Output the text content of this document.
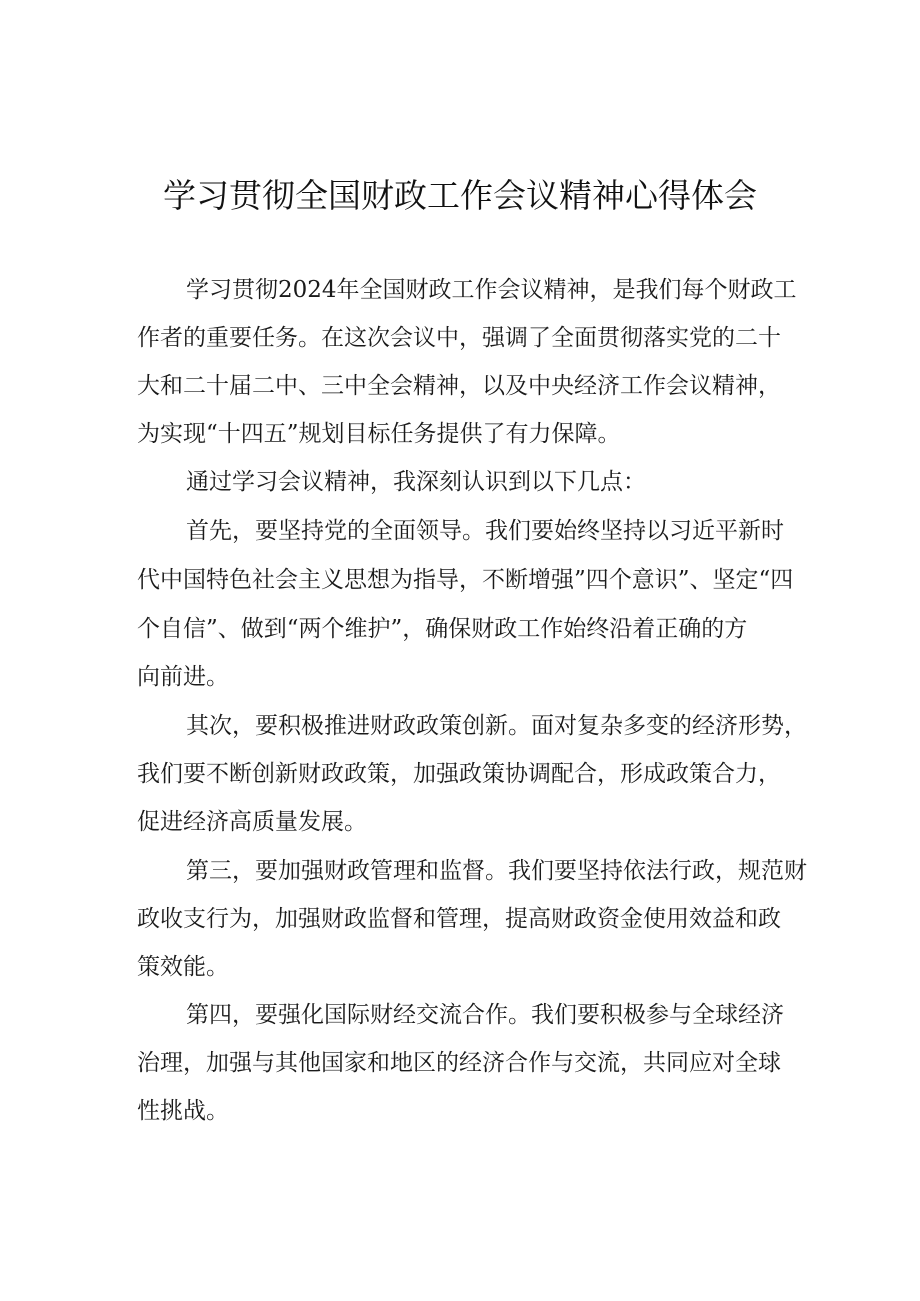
学习贯彻全国财政工作会议精神心得体会

学习贯彻2024年全国财政工作会议精神，是我们每个财政工

作者的重要任务。在这次会议中，强调了全面贯彻落实党的二十

大和二十届二中、三中全会精神，以及中央经济工作会议精神，

为实现“十四五”规划目标任务提供了有力保障。

通过学习会议精神，我深刻认识到以下几点：

首先，要坚持党的全面领导。我们要始终坚持以习近平新时

代中国特色社会主义思想为指导，不断增强”四个意识”、坚定“四

个自信”、做到“两个维护”，确保财政工作始终沿着正确的方

向前进。

其次，要积极推进财政政策创新。面对复杂多变的经济形势，

我们要不断创新财政政策，加强政策协调配合，形成政策合力，

促进经济高质量发展。

第三，要加强财政管理和监督。我们要坚持依法行政，规范财

政收支行为，加强财政监督和管理，提高财政资金使用效益和政

策效能。

第四，要强化国际财经交流合作。我们要积极参与全球经济

治理，加强与其他国家和地区的经济合作与交流，共同应对全球

性挑战。
